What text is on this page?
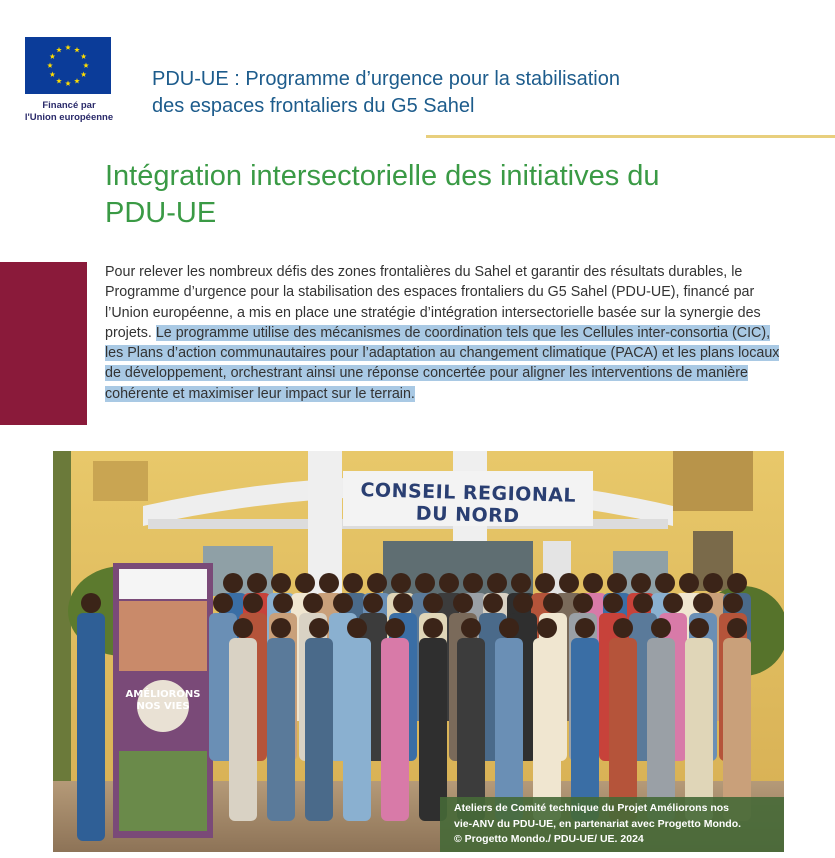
Financé par
l'Union européenne
PDU-UE : Programme d’urgence pour la stabilisation
des espaces frontaliers du G5 Sahel
Intégration intersectorielle des initiatives du
PDU-UE
Pour relever les nombreux défis des zones frontalières du Sahel et garantir des résultats durables, le Programme d’urgence pour la stabilisation des espaces frontaliers du G5 Sahel (PDU-UE), financé par l’Union européenne, a mis en place une stratégie d’intégration intersectorielle basée sur la synergie des projets. Le programme utilise des mécanismes de coordination tels que les Cellules inter-consortia (CIC), les Plans d’action communautaires pour l’adaptation au changement climatique (PACA) et les plans locaux de développement, orchestrant ainsi une réponse concertée pour aligner les interventions de manière cohérente et maximiser leur impact sur le terrain.
CONSEIL REGIONAL DU NORD
AMÉLIORONS NOS VIES
Ateliers de Comité technique du Projet Améliorons nos
vie-ANV du PDU-UE, en partenariat avec Progetto Mondo.
© Progetto Mondo./ PDU-UE/ UE. 2024
